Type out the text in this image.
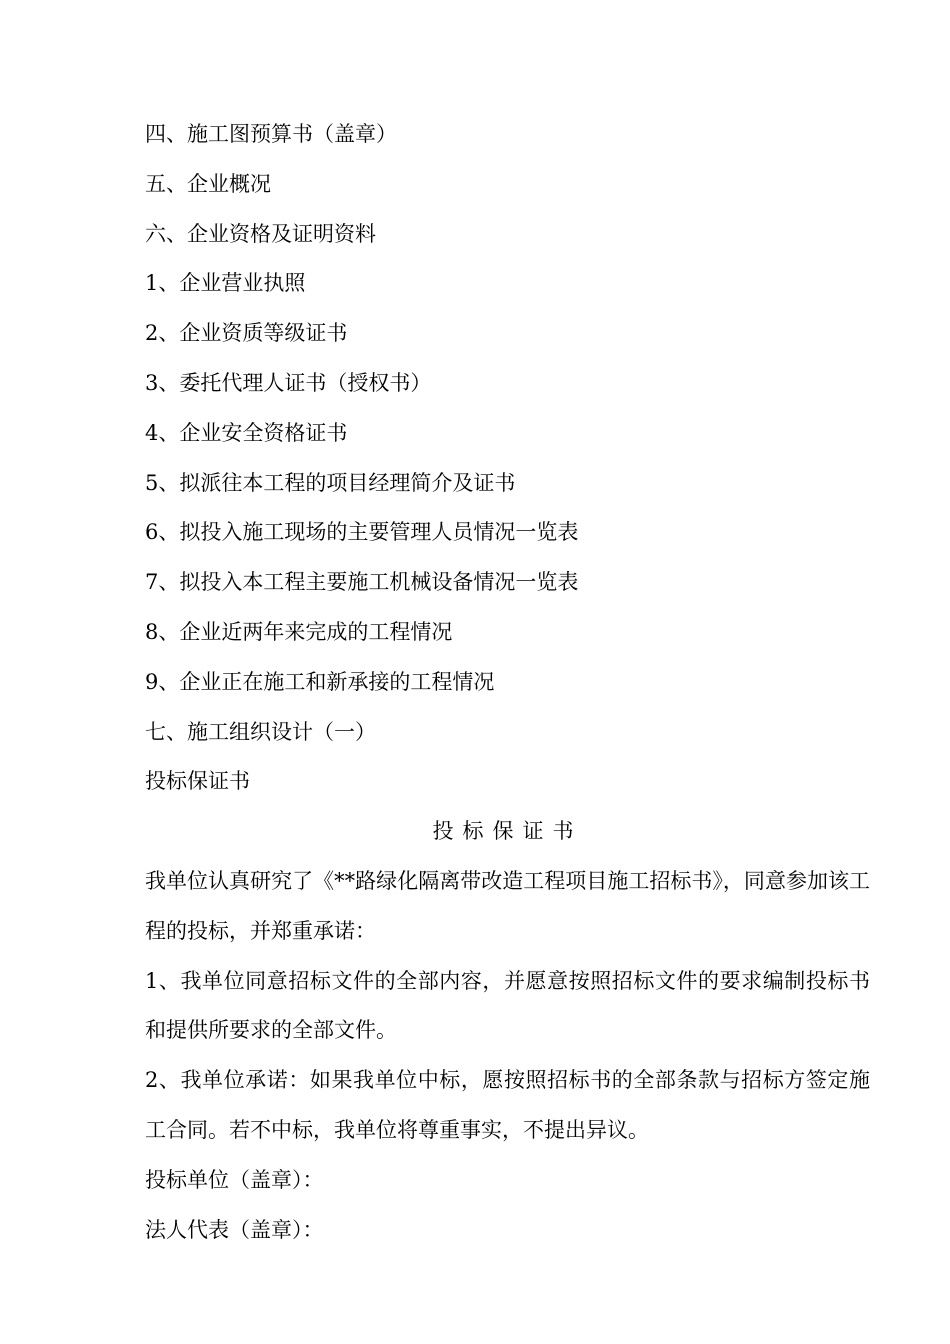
四、施工图预算书（盖章）
五、企业概况
六、企业资格及证明资料
1、企业营业执照
2、企业资质等级证书
3、委托代理人证书（授权书）
4、企业安全资格证书
5、拟派往本工程的项目经理简介及证书
6、拟投入施工现场的主要管理人员情况一览表
7、拟投入本工程主要施工机械设备情况一览表
8、企业近两年来完成的工程情况
9、企业正在施工和新承接的工程情况
七、施工组织设计（一）
投标保证书
投标保证书
我单位认真研究了《**路绿化隔离带改造工程项目施工招标书》，同意参加该工程的投标，并郑重承诺：
1、我单位同意招标文件的全部内容，并愿意按照招标文件的要求编制投标书和提供所要求的全部文件。
2、我单位承诺：如果我单位中标，愿按照招标书的全部条款与招标方签定施工合同。若不中标，我单位将尊重事实，不提出异议。
投标单位（盖章）：
法人代表（盖章）：
